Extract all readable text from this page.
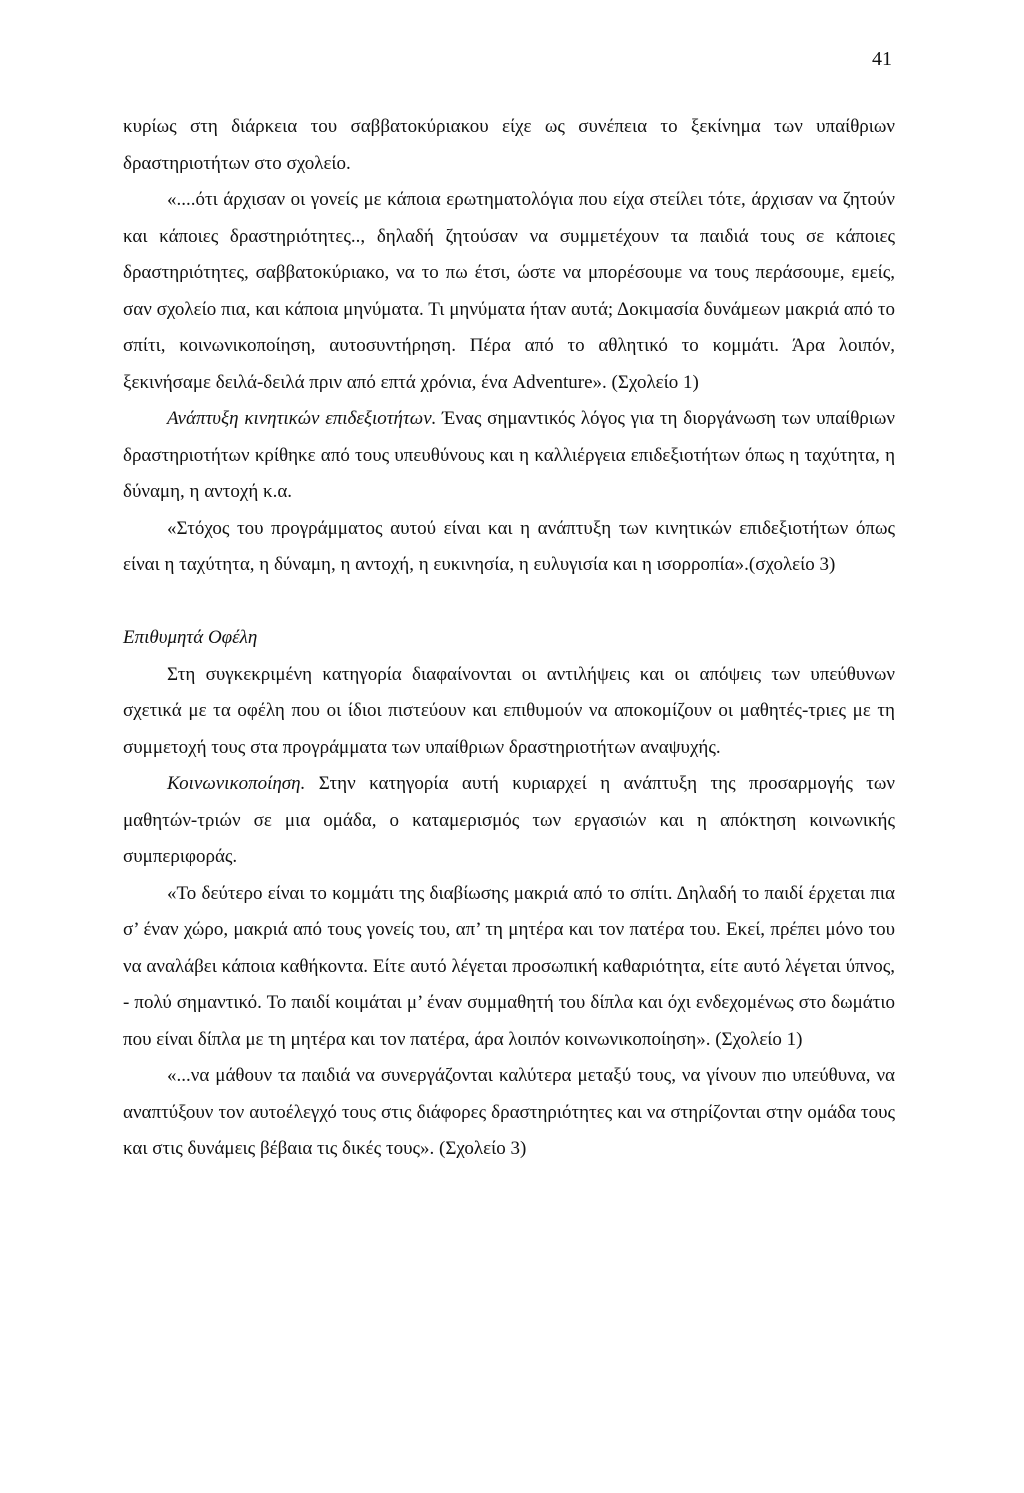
41

κυρίως στη διάρκεια του σαββατοκύριακου είχε ως συνέπεια το ξεκίνημα των υπαίθριων δραστηριοτήτων στο σχολείο.

«....ότι άρχισαν οι γονείς με κάποια ερωτηματολόγια που είχα στείλει τότε, άρχισαν να ζητούν και κάποιες δραστηριότητες.., δηλαδή ζητούσαν να συμμετέχουν τα παιδιά τους σε κάποιες δραστηριότητες, σαββατοκύριακο, να το πω έτσι, ώστε να μπορέσουμε να τους περάσουμε, εμείς, σαν σχολείο πια, και κάποια μηνύματα. Τι μηνύματα ήταν αυτά; Δοκιμασία δυνάμεων μακριά από το σπίτι, κοινωνικοποίηση, αυτοσυντήρηση. Πέρα από το αθλητικό το κομμάτι. Άρα λοιπόν, ξεκινήσαμε δειλά-δειλά πριν από επτά χρόνια, ένα Adventure». (Σχολείο 1)

Ανάπτυξη κινητικών επιδεξιοτήτων. Ένας σημαντικός λόγος για τη διοργάνωση των υπαίθριων δραστηριοτήτων κρίθηκε από τους υπευθύνους και η καλλιέργεια επιδεξιοτήτων όπως η ταχύτητα, η δύναμη, η αντοχή κ.α.

«Στόχος του προγράμματος αυτού είναι και η ανάπτυξη των κινητικών επιδεξιοτήτων όπως είναι η ταχύτητα, η δύναμη, η αντοχή, η ευκινησία, η ευλυγισία και η ισορροπία».(σχολείο 3)

Επιθυμητά Οφέλη

Στη συγκεκριμένη κατηγορία διαφαίνονται οι αντιλήψεις και οι απόψεις των υπεύθυνων σχετικά με τα οφέλη που οι ίδιοι πιστεύουν και επιθυμούν να αποκομίζουν οι μαθητές-τριες με τη συμμετοχή τους στα προγράμματα των υπαίθριων δραστηριοτήτων αναψυχής.

Κοινωνικοποίηση. Στην κατηγορία αυτή κυριαρχεί η ανάπτυξη της προσαρμογής των μαθητών-τριών σε μια ομάδα, ο καταμερισμός των εργασιών και η απόκτηση κοινωνικής συμπεριφοράς.

«Το δεύτερο είναι το κομμάτι της διαβίωσης μακριά από το σπίτι. Δηλαδή το παιδί έρχεται πια σ’ έναν χώρο, μακριά από τους γονείς του, απ’ τη μητέρα και τον πατέρα του. Εκεί, πρέπει μόνο του να αναλάβει κάποια καθήκοντα. Είτε αυτό λέγεται προσωπική καθαριότητα, είτε αυτό λέγεται ύπνος, - πολύ σημαντικό. Το παιδί κοιμάται μ’ έναν συμμαθητή του δίπλα και όχι ενδεχομένως στο δωμάτιο που είναι δίπλα με τη μητέρα και τον πατέρα, άρα λοιπόν κοινωνικοποίηση». (Σχολείο 1)

«...να μάθουν τα παιδιά να συνεργάζονται καλύτερα μεταξύ τους, να γίνουν πιο υπεύθυνα, να αναπτύξουν τον αυτοέλεγχό τους στις διάφορες δραστηριότητες και να στηρίζονται στην ομάδα τους και στις δυνάμεις βέβαια τις δικές τους». (Σχολείο 3)
